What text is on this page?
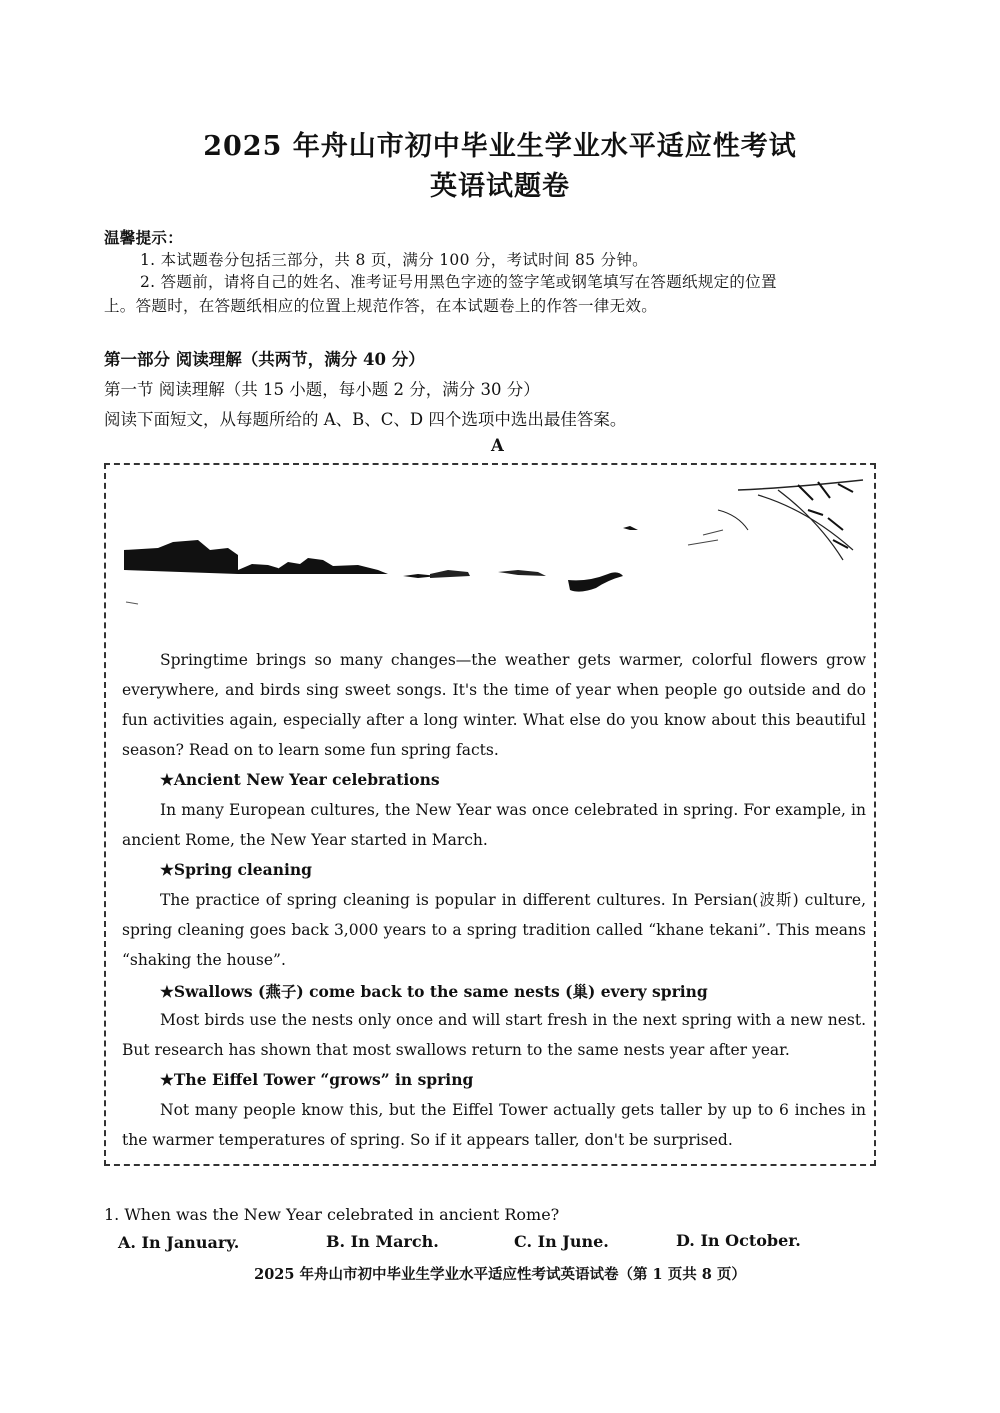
2025 年舟山市初中毕业生学业水平适应性考试
英语试题卷
温馨提示：
1. 本试题卷分包括三部分，共 8 页，满分 100 分，考试时间 85 分钟。
2. 答题前，请将自己的姓名、准考证号用黑色字迹的签字笔或钢笔填写在答题纸规定的位置
上。答题时，在答题纸相应的位置上规范作答，在本试题卷上的作答一律无效。
第一部分 阅读理解（共两节，满分 40 分）
第一节 阅读理解（共 15 小题，每小题 2 分，满分 30 分）
阅读下面短文，从每题所给的 A、B、C、D 四个选项中选出最佳答案。
A
Springtime brings so many changes—the weather gets warmer, colorful flowers grow everywhere, and birds sing sweet songs. It's the time of year when people go outside and do fun activities again, especially after a long winter. What else do you know about this beautiful season? Read on to learn some fun spring facts.
★Ancient New Year celebrations
In many European cultures, the New Year was once celebrated in spring. For example, in ancient Rome, the New Year started in March.
★Spring cleaning
The practice of spring cleaning is popular in different cultures. In Persian(波斯) culture, spring cleaning goes back 3,000 years to a spring tradition called “khane tekani”. This means “shaking the house”.
★Swallows (燕子) come back to the same nests (巢) every spring
Most birds use the nests only once and will start fresh in the next spring with a new nest. But research has shown that most swallows return to the same nests year after year.
★The Eiffel Tower “grows” in spring
Not many people know this, but the Eiffel Tower actually gets taller by up to 6 inches in the warmer temperatures of spring. So if it appears taller, don't be surprised.
1. When was the New Year celebrated in ancient Rome?
A. In January.	B. In March.	C. In June.	D. In October.
2025 年舟山市初中毕业生学业水平适应性考试英语试卷（第 1 页共 8 页）
